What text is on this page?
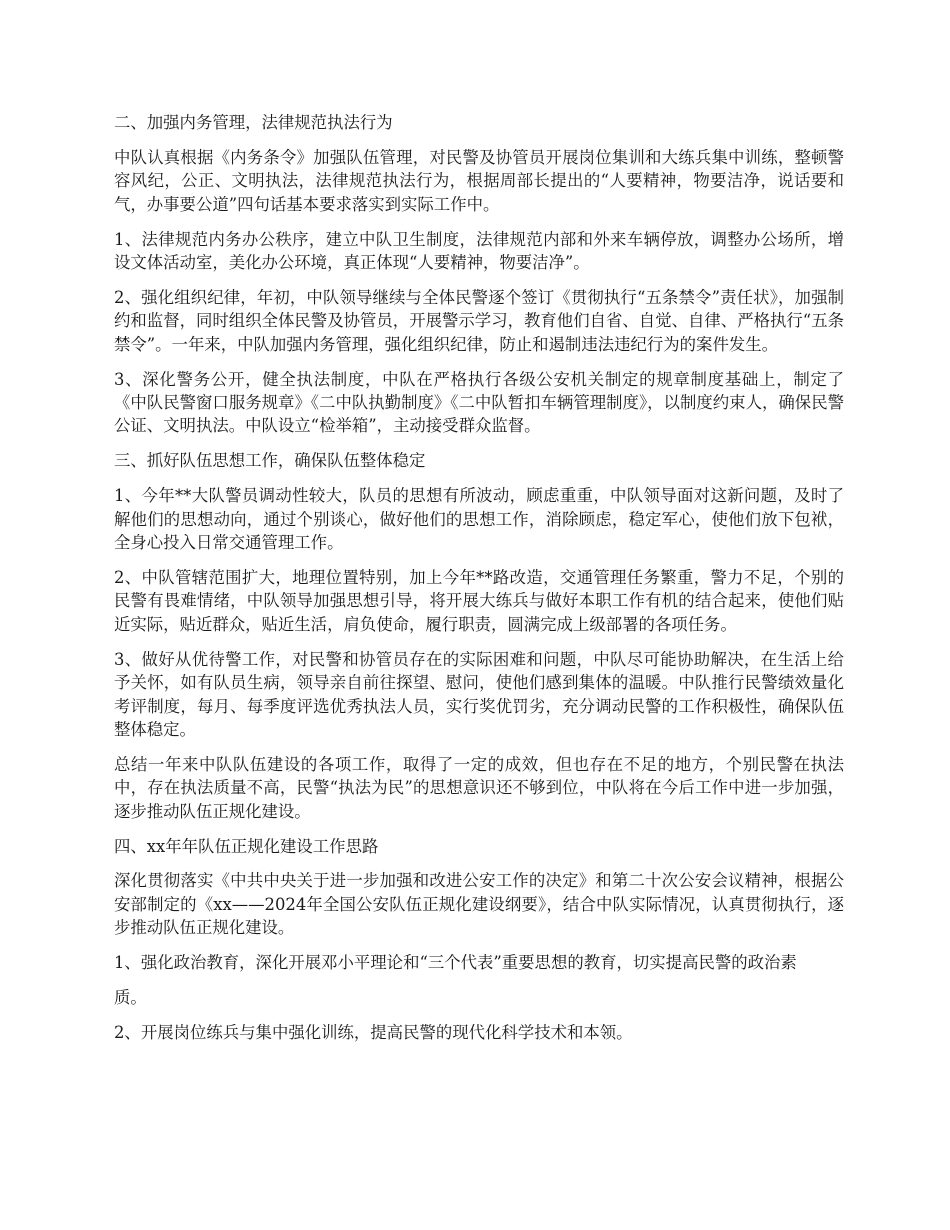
二、加强内务管理，法律规范执法行为

中队认真根据《内务条令》加强队伍管理，对民警及协管员开展岗位集训和大练兵集中训练，整顿警容风纪，公正、文明执法，法律规范执法行为，根据周部长提出的“人要精神，物要洁净，说话要和气，办事要公道”四句话基本要求落实到实际工作中。

1、法律规范内务办公秩序，建立中队卫生制度，法律规范内部和外来车辆停放，调整办公场所，增设文体活动室，美化办公环境，真正体现“人要精神，物要洁净”。

2、强化组织纪律，年初，中队领导继续与全体民警逐个签订《贯彻执行“五条禁令”责任状》，加强制约和监督，同时组织全体民警及协管员，开展警示学习，教育他们自省、自觉、自律、严格执行“五条禁令”。一年来，中队加强内务管理，强化组织纪律，防止和遏制违法违纪行为的案件发生。

3、深化警务公开，健全执法制度，中队在严格执行各级公安机关制定的规章制度基础上，制定了《中队民警窗口服务规章》《二中队执勤制度》《二中队暂扣车辆管理制度》，以制度约束人，确保民警公证、文明执法。中队设立“检举箱”，主动接受群众监督。

三、抓好队伍思想工作，确保队伍整体稳定

1、今年**大队警员调动性较大，队员的思想有所波动，顾虑重重，中队领导面对这新问题，及时了解他们的思想动向，通过个别谈心，做好他们的思想工作，消除顾虑，稳定军心，使他们放下包袱，全身心投入日常交通管理工作。

2、中队管辖范围扩大，地理位置特别，加上今年**路改造，交通管理任务繁重，警力不足，个别的民警有畏难情绪，中队领导加强思想引导，将开展大练兵与做好本职工作有机的结合起来，使他们贴近实际，贴近群众，贴近生活，肩负使命，履行职责，圆满完成上级部署的各项任务。

3、做好从优待警工作，对民警和协管员存在的实际困难和问题，中队尽可能协助解决，在生活上给予关怀，如有队员生病，领导亲自前往探望、慰问，使他们感到集体的温暖。中队推行民警绩效量化考评制度，每月、每季度评选优秀执法人员，实行奖优罚劣，充分调动民警的工作积极性，确保队伍整体稳定。

总结一年来中队队伍建设的各项工作，取得了一定的成效，但也存在不足的地方，个别民警在执法中，存在执法质量不高，民警“执法为民”的思想意识还不够到位，中队将在今后工作中进一步加强，逐步推动队伍正规化建设。

四、xx年年队伍正规化建设工作思路

深化贯彻落实《中共中央关于进一步加强和改进公安工作的决定》和第二十次公安会议精神，根据公安部制定的《xx——2024年全国公安队伍正规化建设纲要》，结合中队实际情况，认真贯彻执行，逐步推动队伍正规化建设。

1、强化政治教育，深化开展邓小平理论和“三个代表”重要思想的教育，切实提高民警的政治素

质。

2、开展岗位练兵与集中强化训练，提高民警的现代化科学技术和本领。
